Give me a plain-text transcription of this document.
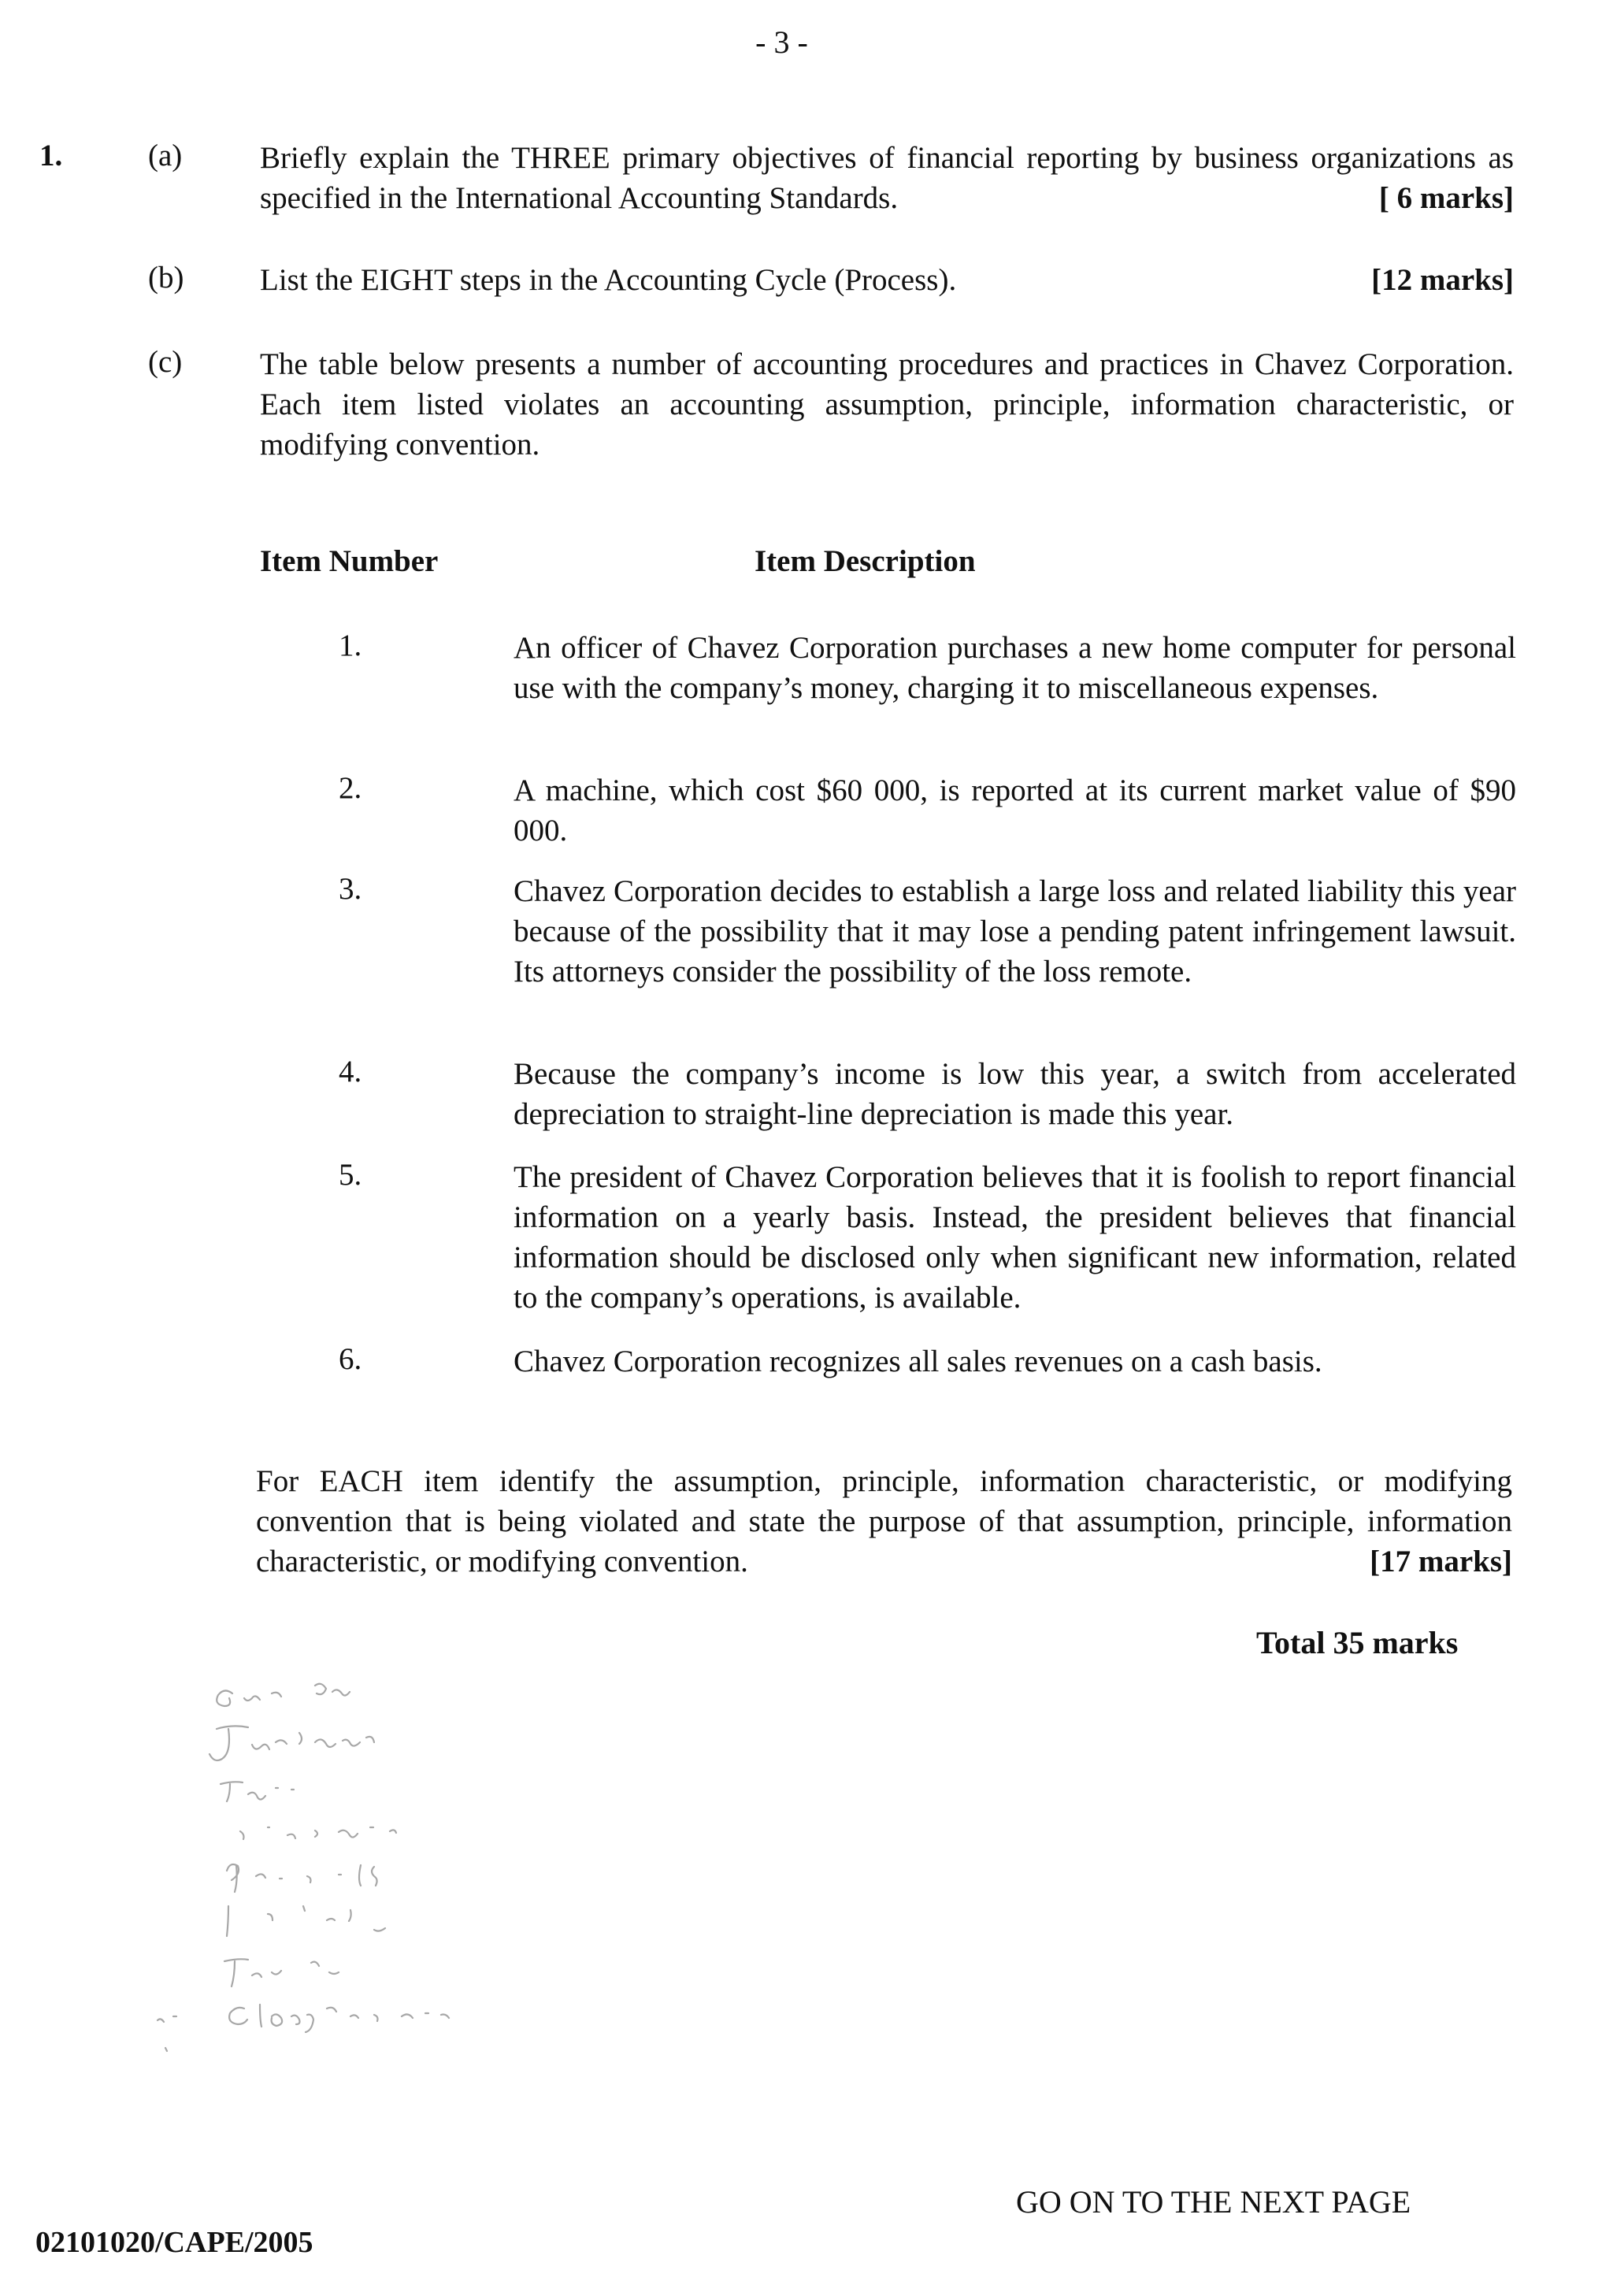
- 3 -
1.	(a)	Briefly explain the THREE primary objectives of financial reporting by business organizations as specified in the International Accounting Standards.	[ 6 marks]
(b) List the EIGHT steps in the Accounting Cycle (Process).	[12 marks]
(c)	The table below presents a number of accounting procedures and practices in Chavez Corporation. Each item listed violates an accounting assumption, principle, information characteristic, or modifying convention.
Item Number	Item Description
1.	An officer of Chavez Corporation purchases a new home computer for personal use with the company’s money, charging it to miscellaneous expenses.
2.	A machine, which cost $60 000, is reported at its current market value of $90 000.
3.	Chavez Corporation decides to establish a large loss and related liability this year because of the possibility that it may lose a pending patent infringement lawsuit. Its attorneys consider the possibility of the loss remote.
4.	Because the company’s income is low this year, a switch from accelerated depreciation to straight-line depreciation is made this year.
5.	The president of Chavez Corporation believes that it is foolish to report financial information on a yearly basis. Instead, the president believes that financial information should be disclosed only when significant new information, related to the company’s operations, is available.
6.	Chavez Corporation recognizes all sales revenues on a cash basis.
For EACH item identify the assumption, principle, information characteristic, or modifying convention that is being violated and state the purpose of that assumption, principle, information characteristic, or modifying convention.	[17 marks]
Total 35 marks
GO ON TO THE NEXT PAGE
02101020/CAPE/2005
